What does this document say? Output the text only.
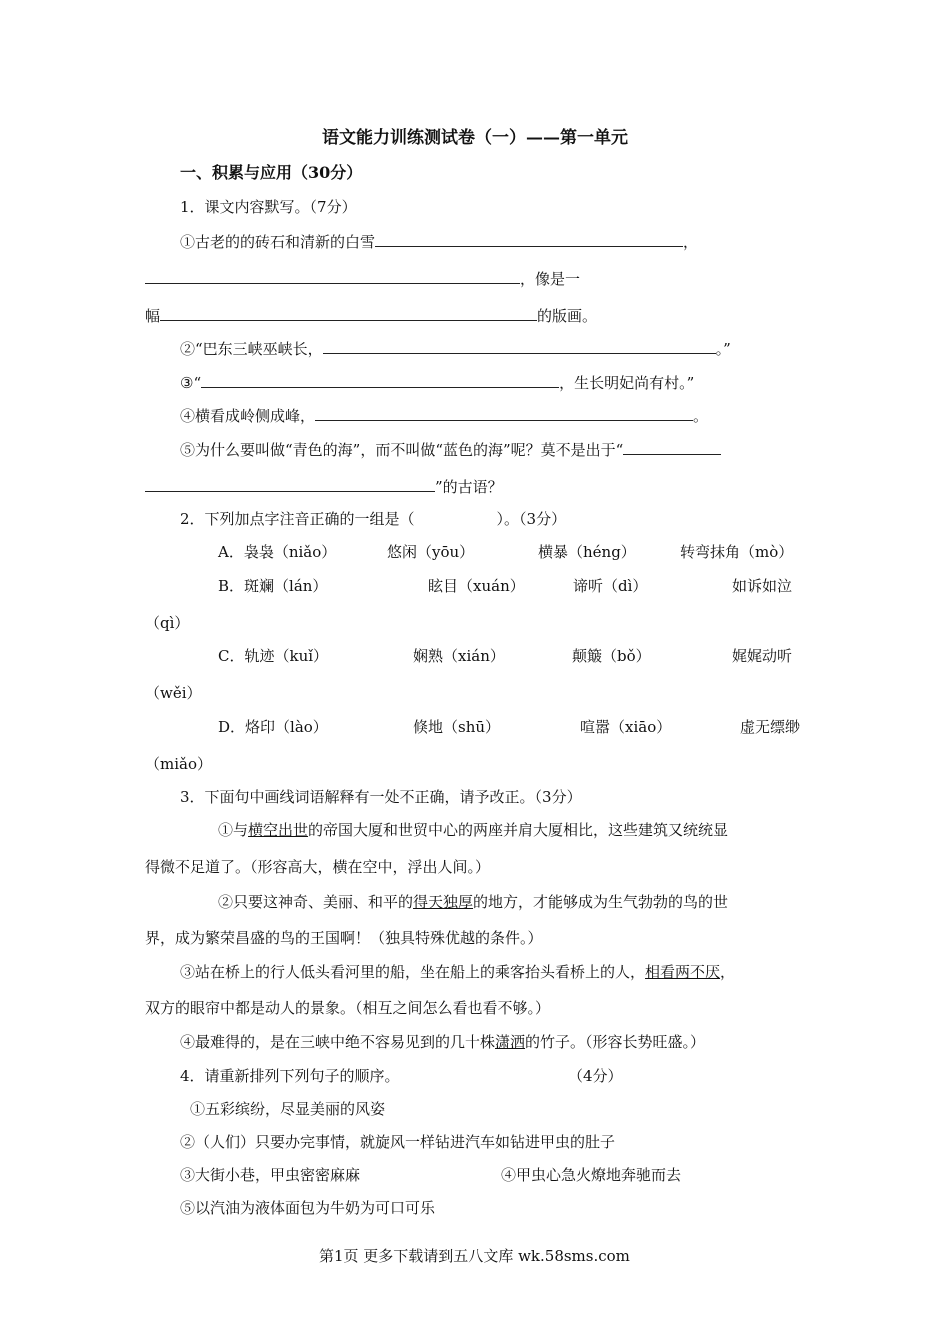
语文能力训练测试卷（一）——第一单元
一、积累与应用（30分）
1．课文内容默写。（7分）
①古老的的砖石和清新的白雪	，
，像是一
幅	的版画。
②“巴东三峡巫峡长，	。”
③“	，生长明妃尚有村。”
④横看成岭侧成峰，	。
⑤为什么要叫做“青色的海”，而不叫做“蓝色的海”呢？莫不是出于“
”的古语？
2．下列加点字注音正确的一组是（	）。（3分）
A．袅袅（niǎo）	悠闲（yōu）	横暴（héng）	转弯抹角（mò）
B．斑斓（lán）	眩目（xuán）	谛听（dì）	如诉如泣
（qì）
C．轨迹（kuǐ）	娴熟（xián）	颠簸（bǒ）	娓娓动听
（wěi）
D．烙印（lào）	倏地（shū）	喧嚣（xiāo）	虚无缥缈
（miǎo）
3．下面句中画线词语解释有一处不正确，请予改正。（3分）
①与横空出世的帝国大厦和世贸中心的两座并肩大厦相比，这些建筑又统统显
得微不足道了。（形容高大，横在空中，浮出人间。）
②只要这神奇、美丽、和平的得天独厚的地方，才能够成为生气勃勃的鸟的世
界，成为繁荣昌盛的鸟的王国啊！（独具特殊优越的条件。）
③站在桥上的行人低头看河里的船，坐在船上的乘客抬头看桥上的人，相看两不厌，
双方的眼帘中都是动人的景象。（相互之间怎么看也看不够。）
④最难得的，是在三峡中绝不容易见到的几十株潇洒的竹子。（形容长势旺盛。）
4．请重新排列下列句子的顺序。	（4分）
①五彩缤纷，尽显美丽的风姿
②（人们）只要办完事情，就旋风一样钻进汽车如钻进甲虫的肚子
③大街小巷，甲虫密密麻麻	④甲虫心急火燎地奔驰而去
⑤以汽油为液体面包为牛奶为可口可乐
第1页 更多下载请到五八文库 wk.58sms.com
